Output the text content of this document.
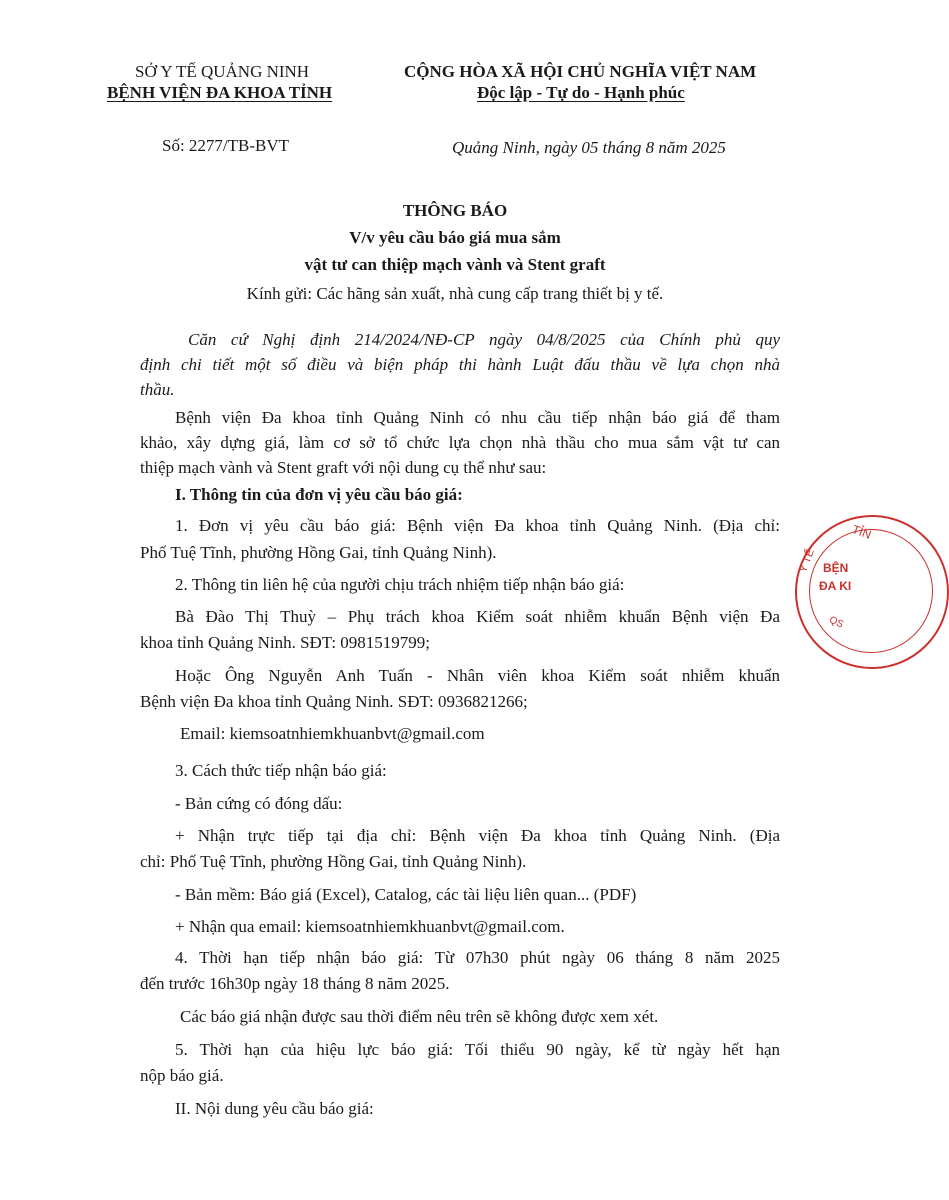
SỞ Y TẾ QUẢNG NINH
BỆNH VIỆN ĐA KHOA TỈNH
CỘNG HÒA XÃ HỘI CHỦ NGHĨA VIỆT NAM
Độc lập - Tự do - Hạnh phúc
Số: 2277/TB-BVT	Quảng Ninh, ngày 05 tháng 8 năm 2025
THÔNG BÁO
V/v yêu cầu báo giá mua sắm
vật tư can thiệp mạch vành và Stent graft
Kính gửi: Các hãng sản xuất, nhà cung cấp trang thiết bị y tế.
Căn cứ Nghị định 214/2024/NĐ-CP ngày 04/8/2025 của Chính phủ quy
định chi tiết một số điều và biện pháp thi hành Luật đấu thầu về lựa chọn nhà
thầu.
Bệnh viện Đa khoa tỉnh Quảng Ninh có nhu cầu tiếp nhận báo giá để tham
khảo, xây dựng giá, làm cơ sở tổ chức lựa chọn nhà thầu cho mua sắm vật tư can
thiệp mạch vành và Stent graft với nội dung cụ thể như sau:
I. Thông tin của đơn vị yêu cầu báo giá:
1. Đơn vị yêu cầu báo giá: Bệnh viện Đa khoa tỉnh Quảng Ninh. (Địa chỉ:
Phố Tuệ Tĩnh, phường Hồng Gai, tỉnh Quảng Ninh).
2. Thông tin liên hệ của người chịu trách nhiệm tiếp nhận báo giá:
Bà Đào Thị Thuỳ – Phụ trách khoa Kiểm soát nhiễm khuẩn Bệnh viện Đa
khoa tỉnh Quảng Ninh. SĐT: 0981519799;
Hoặc Ông Nguyễn Anh Tuấn - Nhân viên khoa Kiểm soát nhiễm khuẩn
Bệnh viện Đa khoa tỉnh Quảng Ninh. SĐT: 0936821266;
Email: kiemsoatnhiemkhuanbvt@gmail.com
3. Cách thức tiếp nhận báo giá:
- Bản cứng có đóng dấu:
+ Nhận trực tiếp tại địa chỉ: Bệnh viện Đa khoa tỉnh Quảng Ninh. (Địa
chỉ: Phố Tuệ Tĩnh, phường Hồng Gai, tỉnh Quảng Ninh).
- Bản mềm: Báo giá (Excel), Catalog, các tài liệu liên quan... (PDF)
+ Nhận qua email: kiemsoatnhiemkhuanbvt@gmail.com.
4. Thời hạn tiếp nhận báo giá: Từ 07h30 phút ngày 06 tháng 8 năm 2025
đến trước 16h30p ngày 18 tháng 8 năm 2025.
Các báo giá nhận được sau thời điểm nêu trên sẽ không được xem xét.
5. Thời hạn của hiệu lực báo giá: Tối thiểu 90 ngày, kể từ ngày hết hạn
nộp báo giá.
II. Nội dung yêu cầu báo giá:
TỈN
Y TẾ BỆN
ĐA KI
QS
